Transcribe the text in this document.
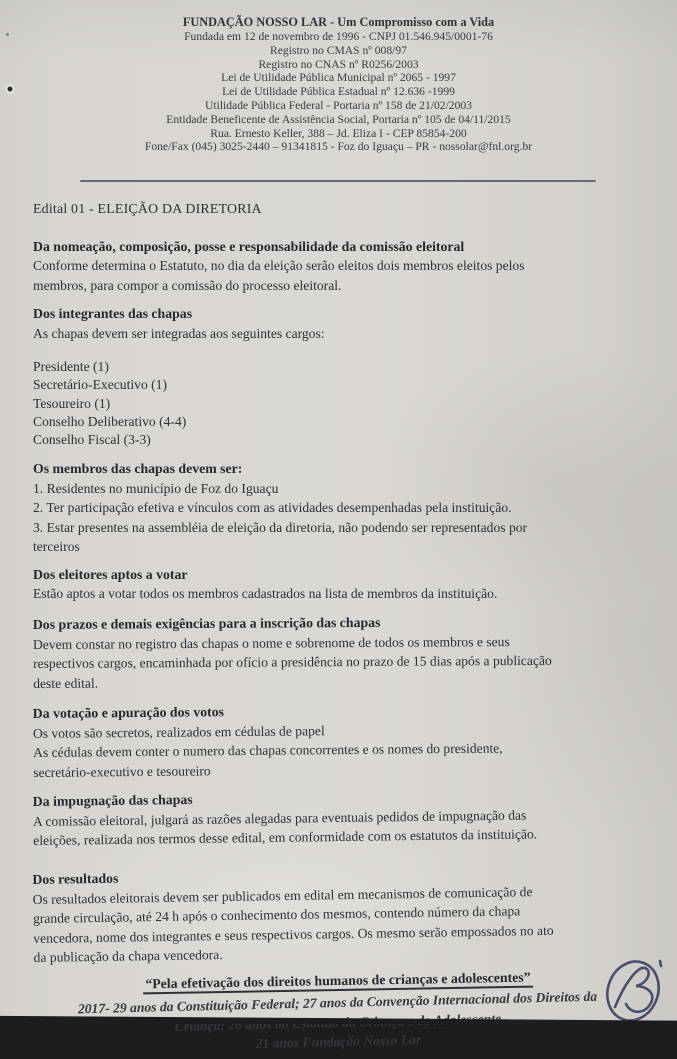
FUNDAÇÃO NOSSO LAR - Um Compromisso com a Vida
Fundada em 12 de novembro de 1996 - CNPJ 01.546.945/0001-76
Registro no CMAS nº 008/97
Registro no CNAS nº R0256/2003
Lei de Utilidade Pública Municipal nº 2065 - 1997
Lei de Utilidade Pública Estadual nº 12.636 -1999
Utilidade Pública Federal - Portaria nº 158 de 21/02/2003
Entidade Beneficente de Assistência Social, Portaria nº 105 de 04/11/2015
Rua. Ernesto Keller, 388 – Jd. Eliza I - CEP 85854-200
Fone/Fax (045) 3025-2440 – 91341815 - Foz do Iguaçu – PR - nossolar@fnl.org.br
Edital 01 - ELEIÇÃO DA DIRETORIA
Da nomeação, composição, posse e responsabilidade da comissão eleitoral
Conforme determina o Estatuto, no dia da eleição serão eleitos dois membros eleitos pelos
membros, para compor a comissão do processo eleitoral.
Dos integrantes das chapas
As chapas devem ser integradas aos seguintes cargos:
Presidente (1)
Secretário-Executivo (1)
Tesoureiro (1)
Conselho Deliberativo (4-4)
Conselho Fiscal (3-3)
Os membros das chapas devem ser:
1. Residentes no município de Foz do Iguaçu
2. Ter participação efetiva e vínculos com as atividades desempenhadas pela instituição.
3. Estar presentes na assembléia de eleição da diretoria, não podendo ser representados por
terceiros
Dos eleitores aptos a votar
Estão aptos a votar todos os membros cadastrados na lista de membros da instituição.
Dos prazos e demais exigências para a inscrição das chapas
Devem constar no registro das chapas o nome e sobrenome de todos os membros e seus
respectivos cargos, encaminhada por ofício a presidência no prazo de 15 dias após a publicação
deste edital.
Da votação e apuração dos votos
Os votos são secretos, realizados em cédulas de papel
As cédulas devem conter o numero das chapas concorrentes e os nomes do presidente,
secretário-executivo e tesoureiro
Da impugnação das chapas
A comissão eleitoral, julgará as razões alegadas para eventuais pedidos de impugnação das
eleições, realizada nos termos desse edital, em conformidade com os estatutos da instituição.
Dos resultados
Os resultados eleitorais devem ser publicados em edital em mecanismos de comunicação de
grande circulação, até 24 h após o conhecimento dos mesmos, contendo número da chapa
vencedora, nome dos integrantes e seus respectivos cargos. Os mesmo serão empossados no ato
da publicação da chapa vencedora.
“Pela efetivação dos direitos humanos de crianças e adolescentes”
2017- 29 anos da Constituição Federal; 27 anos da Convenção Internacional dos Direitos da
21 anos Fundação Nosso Lar
